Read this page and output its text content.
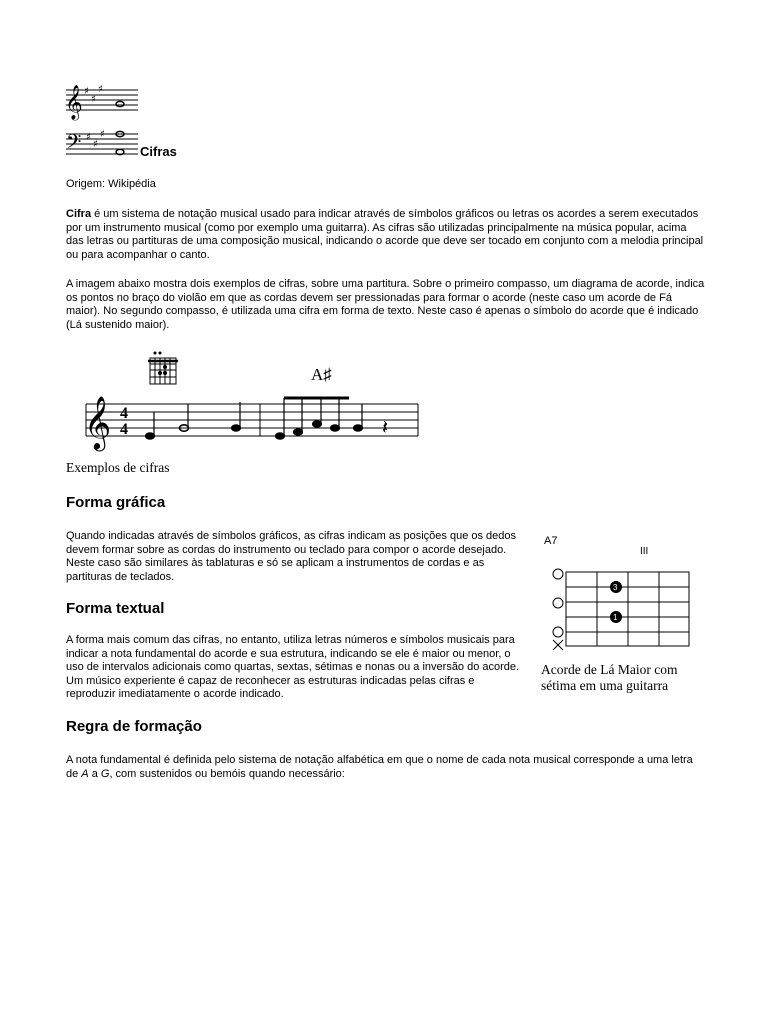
𝄞
𝄢
♯
♯
♯
♯
♯
♯
Cifras
Origem: Wikipédia
Cifra é um sistema de notação musical usado para indicar através de símbolos gráficos ou letras os acordes a serem executados por um instrumento musical (como por exemplo uma guitarra). As cifras são utilizadas principalmente na música popular, acima das letras ou partituras de uma composição musical, indicando o acorde que deve ser tocado em conjunto com a melodia principal ou para acompanhar o canto.
A imagem abaixo mostra dois exemplos de cifras, sobre uma partitura. Sobre o primeiro compasso, um diagrama de acorde, indica os pontos no braço do violão em que as cordas devem ser pressionadas para formar o acorde (neste caso um acorde de Fá maior). No segundo compasso, é utilizada uma cifra em forma de texto. Neste caso é apenas o símbolo do acorde que é indicado (Lá sustenido maior).
A♯
𝄞 4
4	𝄽
Exemplos de cifras
Forma gráfica
Quando indicadas através de símbolos gráficos, as cifras indicam as posições que os dedos devem formar sobre as cordas do instrumento ou teclado para compor o acorde desejado. Neste caso são similares às tablaturas e só se aplicam a instrumentos de cordas e as partituras de teclados.
Forma textual
A forma mais comum das cifras, no entanto, utiliza letras números e símbolos musicais para indicar a nota fundamental do acorde e sua estrutura, indicando se ele é maior ou menor, o uso de intervalos adicionais como quartas, sextas, sétimas e nonas ou a inversão do acorde. Um músico experiente é capaz de reconhecer as estruturas indicadas pelas cifras e reproduzir imediatamente o acorde indicado.
A7
III
3
1
Acorde de Lá Maior com sétima em uma guitarra
Regra de formação
A nota fundamental é definida pelo sistema de notação alfabética em que o nome de cada nota musical corresponde a uma letra de A a G, com sustenidos ou bemóis quando necessário:
